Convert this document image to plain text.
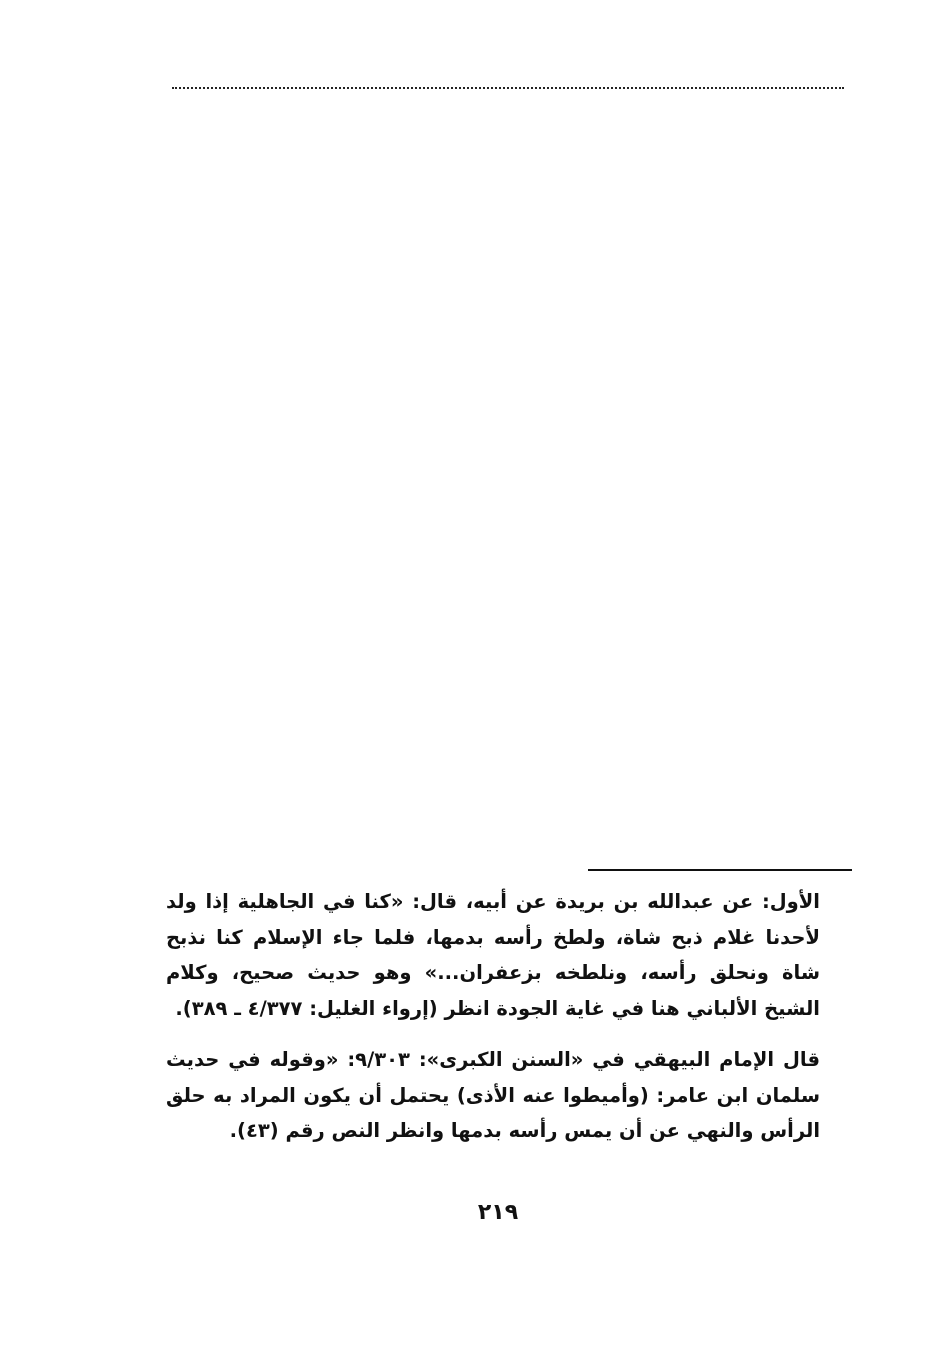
الأول: عن عبدالله بن بريدة عن أبيه، قال: «كنا في الجاهلية إذا ولد لأحدنا غلام ذبح شاة، ولطخ رأسه بدمها، فلما جاء الإسلام كنا نذبح شاة ونحلق رأسه، ونلطخه بزعفران...» وهو حديث صحيح، وكلام الشيخ الألباني هنا في غاية الجودة انظر (إرواء الغليل: ٤/٣٧٧ ـ ٣٨٩).

قال الإمام البيهقي في «السنن الكبرى»: ٩/٣٠٣: «وقوله في حديث سلمان ابن عامر: (وأميطوا عنه الأذى) يحتمل أن يكون المراد به حلق الرأس والنهي عن أن يمس رأسه بدمها وانظر النص رقم (٤٣).

٢١٩
